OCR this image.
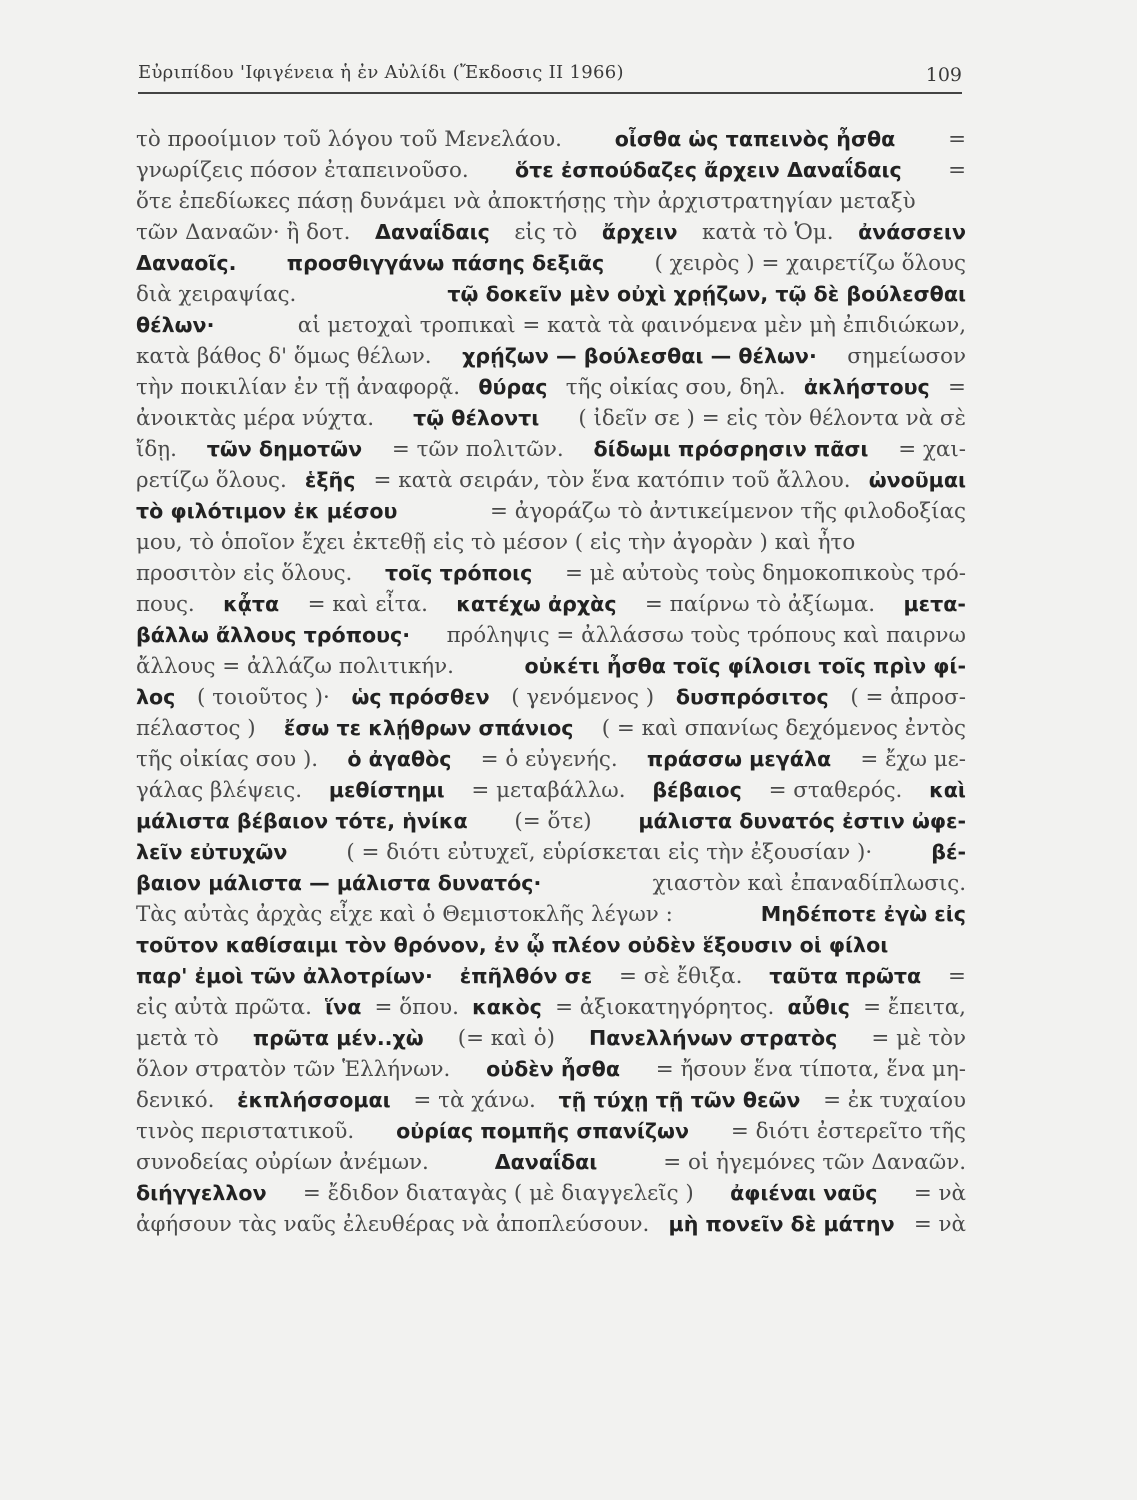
Εὐριπίδου 'Ιφιγένεια ἡ ἐν Αὐλίδι (Ἔκδοσις ΙΙ 1966)	109
τὸ προοίμιον τοῦ λόγου τοῦ Μενελάου.	οἶσθα ὡς ταπεινὸς ἦσθα =
γνωρίζεις πόσον ἐταπεινοῦσο. ὅτε ἐσπούδαζες ἄρχειν Δαναΐδαις =
ὅτε ἐπεδίωκες πάσῃ δυνάμει νὰ ἀποκτήσῃς τὴν ἀρχιστρατηγίαν μεταξὺ
τῶν Δαναῶν· ἢ δοτ. Δαναΐδαις εἰς τὸ ἄρχειν κατὰ τὸ Ὁμ. ἀνάσσειν
Δαναοῖς. προσθιγγάνω πάσης δεξιᾶς ( χειρὸς ) = χαιρετίζω ὅλους
διὰ χειραψίας.	τῷ δοκεῖν μὲν οὐχὶ χρῄζων, τῷ δὲ βούλεσθαι
θέλων·	αἱ μετοχαὶ τροπικαὶ = κατὰ τὰ φαινόμενα μὲν μὴ ἐπιδιώκων,
κατὰ βάθος δ' ὅμως θέλων. χρῄζων — βούλεσθαι — θέλων· σημείωσον
τὴν ποικιλίαν ἐν τῇ ἀναφορᾷ. θύρας τῆς οἰκίας σου, δηλ. ἀκλήστους =
ἀνοικτὰς μέρα νύχτα. τῷ θέλοντι ( ἰδεῖν σε ) = εἰς τὸν θέλοντα νὰ σὲ
ἴδῃ. τῶν δημοτῶν = τῶν πολιτῶν. δίδωμι πρόσρησιν πᾶσι = χαι-
ρετίζω ὅλους. ἑξῆς = κατὰ σειράν, τὸν ἕνα κατόπιν τοῦ ἄλλου. ὠνοῦμαι
τὸ φιλότιμον ἐκ μέσου	= ἀγοράζω τὸ ἀντικείμενον τῆς φιλοδοξίας
μου, τὸ ὁποῖον ἔχει ἐκτεθῇ εἰς τὸ μέσον ( εἰς τὴν ἀγορὰν ) καὶ ἦτο
προσιτὸν εἰς ὅλους. τοῖς τρόποις = μὲ αὐτοὺς τοὺς δημοκοπικοὺς τρό-
πους. κᾆτα = καὶ εἶτα. κατέχω ἀρχὰς = παίρνω τὸ ἀξίωμα. μετα-
βάλλω ἄλλους τρόπους· πρόληψις = ἀλλάσσω τοὺς τρόπους καὶ παιρνω
ἄλλους = ἀλλάζω πολιτικήν.	οὐκέτι ἦσθα τοῖς φίλοισι τοῖς πρὶν φί-
λος ( τοιοῦτος )· ὡς πρόσθεν ( γενόμενος ) δυσπρόσιτος ( = ἀπροσ-
πέλαστος ) ἔσω τε κλῄθρων σπάνιος ( = καὶ σπανίως δεχόμενος ἐντὸς
τῆς οἰκίας σου ). ὁ ἀγαθὸς = ὁ εὐγενής. πράσσω μεγάλα = ἔχω με-
γάλας βλέψεις. μεθίστημι = μεταβάλλω. βέβαιος = σταθερός. καὶ
μάλιστα βέβαιον τότε, ἡνίκα (= ὅτε) μάλιστα δυνατός ἐστιν ὠφε-
λεῖν εὐτυχῶν	( = διότι εὐτυχεῖ, εὑρίσκεται εἰς τὴν ἐξουσίαν )·	βέ-
βαιον μάλιστα — μάλιστα δυνατός·	χιαστὸν καὶ ἐπαναδίπλωσις.
Τὰς αὐτὰς ἀρχὰς εἶχε καὶ ὁ Θεμιστοκλῆς λέγων :	Μηδέποτε ἐγὼ εἰς
τοῦτον καθίσαιμι τὸν θρόνον, ἐν ᾧ πλέον οὐδὲν ἕξουσιν οἱ φίλοι
παρ' ἐμοὶ τῶν ἀλλοτρίων· ἐπῆλθόν σε = σὲ ἔθιξα. ταῦτα πρῶτα =
εἰς αὐτὰ πρῶτα. ἵνα = ὅπου. κακὸς = ἀξιοκατηγόρητος. αὖθις = ἔπειτα,
μετὰ τὸ πρῶτα μέν..χὼ (= καὶ ὁ) Πανελλήνων στρατὸς = μὲ τὸν
ὅλον στρατὸν τῶν Ἑλλήνων. οὐδὲν ἦσθα = ἤσουν ἕνα τίποτα, ἕνα μη-
δενικό. ἐκπλήσσομαι = τὰ χάνω. τῇ τύχῃ τῇ τῶν θεῶν = ἐκ τυχαίου
τινὸς περιστατικοῦ. οὐρίας πομπῆς σπανίζων = διότι ἐστερεῖτο τῆς
συνοδείας οὐρίων ἀνέμων.	Δαναΐδαι	= οἱ ἡγεμόνες τῶν Δαναῶν.
διήγγελλον = ἔδιδον διαταγὰς ( μὲ διαγγελεῖς ) ἀφιέναι ναῦς = νὰ
ἀφήσουν τὰς ναῦς ἐλευθέρας νὰ ἀποπλεύσουν. μὴ πονεῖν δὲ μάτην = νὰ
